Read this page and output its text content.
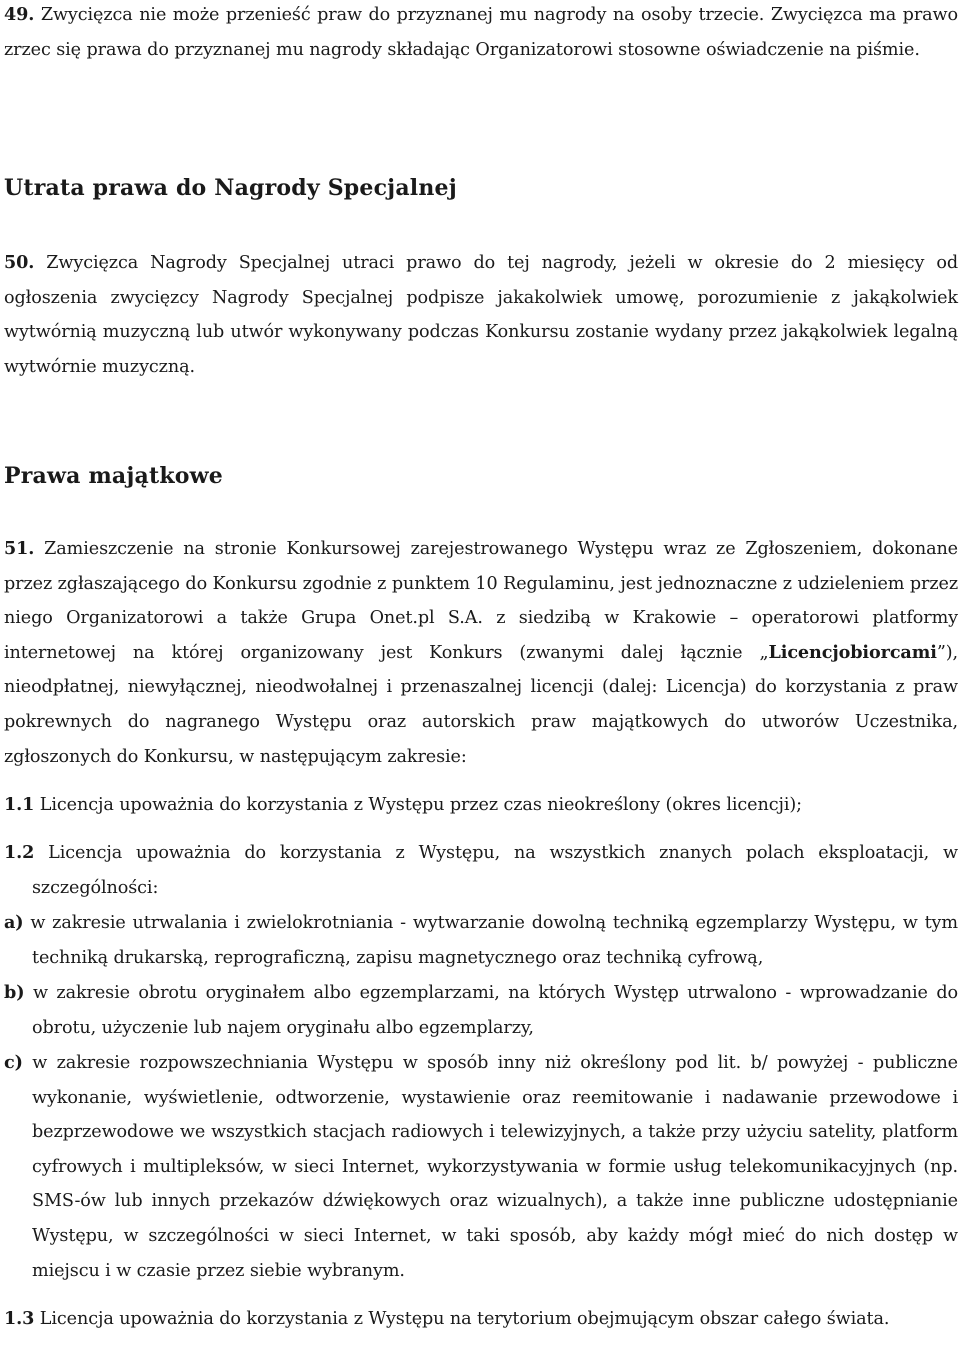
49. Zwycięzca nie może przenieść praw do przyznanej mu nagrody na osoby trzecie. Zwycięzca ma prawo zrzec się prawa do przyznanej mu nagrody składając Organizatorowi stosowne oświadczenie na piśmie.
Utrata prawa do Nagrody Specjalnej
50. Zwycięzca Nagrody Specjalnej utraci prawo do tej nagrody, jeżeli w okresie do 2 miesięcy od ogłoszenia zwycięzcy Nagrody Specjalnej podpisze jakakolwiek umowę, porozumienie z jakąkolwiek wytwórnią muzyczną lub utwór wykonywany podczas Konkursu zostanie wydany przez jakąkolwiek legalną wytwórnie muzyczną.
Prawa majątkowe
51. Zamieszczenie na stronie Konkursowej zarejestrowanego Występu wraz ze Zgłoszeniem, dokonane przez zgłaszającego do Konkursu zgodnie z punktem 10 Regulaminu, jest jednoznaczne z udzieleniem przez niego Organizatorowi a także Grupa Onet.pl S.A. z siedzibą w Krakowie – operatorowi platformy internetowej na której organizowany jest Konkurs (zwanymi dalej łącznie „Licencjobiorcami”), nieodpłatnej, niewyłącznej, nieodwołalnej i przenaszalnej licencji (dalej: Licencja) do korzystania z praw pokrewnych do nagranego Występu oraz autorskich praw majątkowych do utworów Uczestnika, zgłoszonych do Konkursu, w następującym zakresie:
1.1 Licencja upoważnia do korzystania z Występu przez czas nieokreślony (okres licencji);
1.2 Licencja upoważnia do korzystania z Występu, na wszystkich znanych polach eksploatacji, w szczególności:
a) w zakresie utrwalania i zwielokrotniania - wytwarzanie dowolną techniką egzemplarzy Występu, w tym techniką drukarską, reprograficzną, zapisu magnetycznego oraz techniką cyfrową,
b) w zakresie obrotu oryginałem albo egzemplarzami, na których Występ utrwalono - wprowadzanie do obrotu, użyczenie lub najem oryginału albo egzemplarzy,
c) w zakresie rozpowszechniania Występu w sposób inny niż określony pod lit. b/ powyżej - publiczne wykonanie, wyświetlenie, odtworzenie, wystawienie oraz reemitowanie i nadawanie przewodowe i bezprzewodowe we wszystkich stacjach radiowych i telewizyjnych, a także przy użyciu satelity, platform cyfrowych i multipleksów, w sieci Internet, wykorzystywania w formie usług telekomunikacyjnych (np. SMS-ów lub innych przekazów dźwiękowych oraz wizualnych), a także inne publiczne udostępnianie Występu, w szczególności w sieci Internet, w taki sposób, aby każdy mógł mieć do nich dostęp w miejscu i w czasie przez siebie wybranym.
1.3 Licencja upoważnia do korzystania z Występu na terytorium obejmującym obszar całego świata.
